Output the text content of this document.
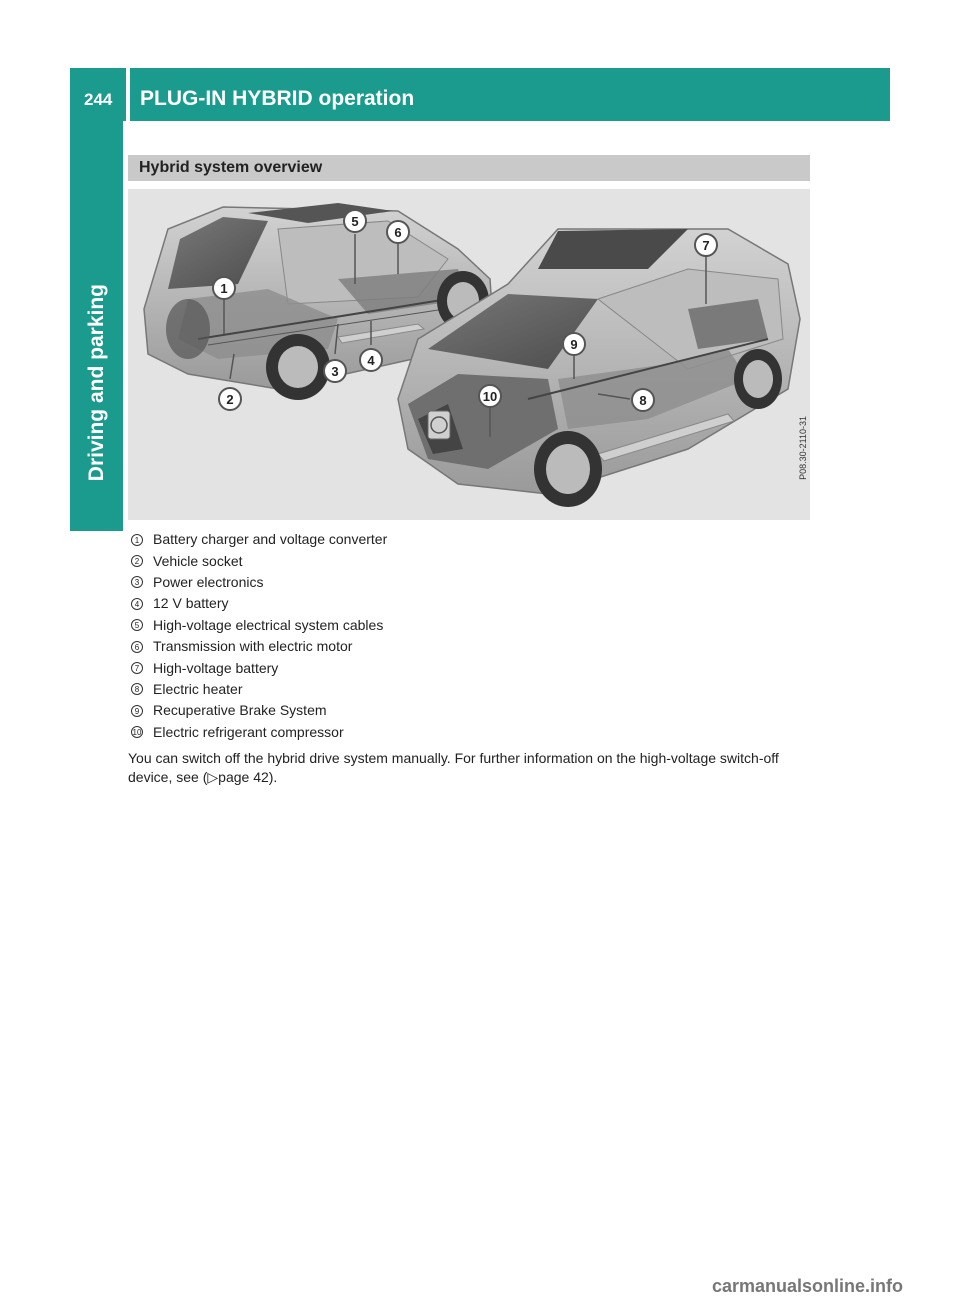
244 PLUG-IN HYBRID operation
Driving and parking
Hybrid system overview
1
2
3
4
5
6
7
8
9
10
P08.30-2110-31
1 Battery charger and voltage converter
2 Vehicle socket
3 Power electronics
4 12 V battery
5 High-voltage electrical system cables
6 Transmission with electric motor
7 High-voltage battery
8 Electric heater
9 Recuperative Brake System
10 Electric refrigerant compressor

You can switch off the hybrid drive system manually. For further information on the high-voltage switch-off device, see (▷page 42).

carmanualsonline.info
